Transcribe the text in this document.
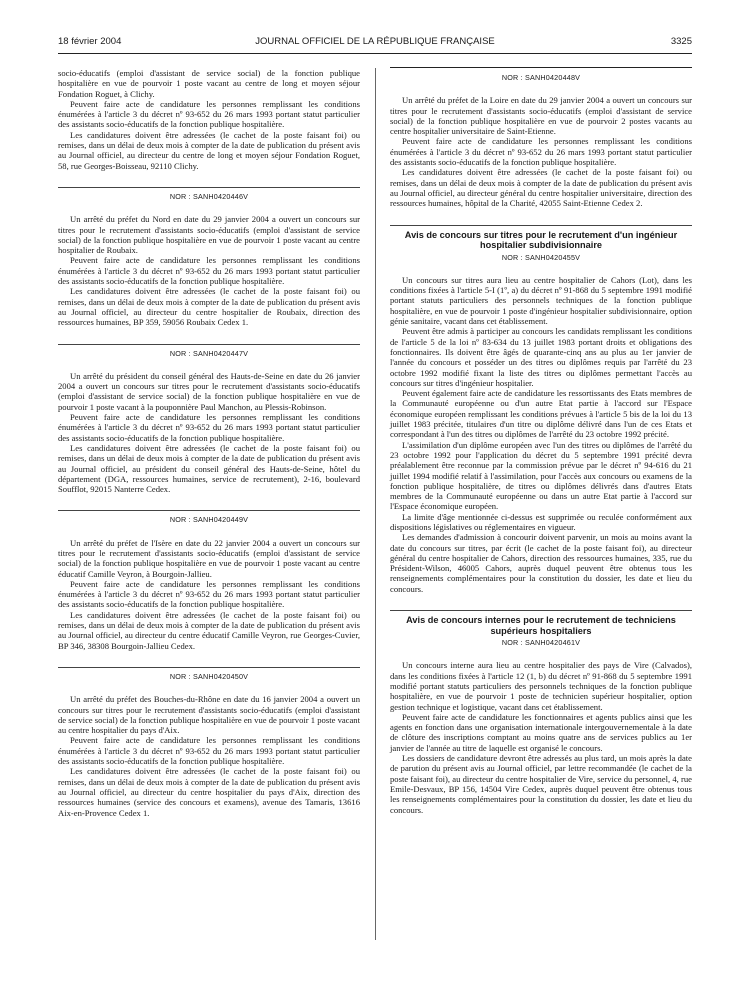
18 février 2004	JOURNAL OFFICIEL DE LA RÉPUBLIQUE FRANÇAISE	3325

socio-éducatifs (emploi d'assistant de service social) de la fonction publique hospitalière en vue de pourvoir 1 poste vacant au centre de long et moyen séjour Fondation Roguet, à Clichy.

Peuvent faire acte de candidature les personnes remplissant les conditions énumérées à l'article 3 du décret nº 93-652 du 26 mars 1993 portant statut particulier des assistants socio-éducatifs de la fonction publique hospitalière.

Les candidatures doivent être adressées (le cachet de la poste faisant foi) ou remises, dans un délai de deux mois à compter de la date de publication du présent avis au Journal officiel, au directeur du centre de long et moyen séjour Fondation Roguet, 58, rue Georges-Boisseau, 92110 Clichy.

NOR : SANH0420446V

Un arrêté du préfet du Nord en date du 29 janvier 2004 a ouvert un concours sur titres pour le recrutement d'assistants socio-éducatifs (emploi d'assistant de service social) de la fonction publique hospitalière en vue de pourvoir 1 poste vacant au centre hospitalier de Roubaix.

Peuvent faire acte de candidature les personnes remplissant les conditions énumérées à l'article 3 du décret nº 93-652 du 26 mars 1993 portant statut particulier des assistants socio-éducatifs de la fonction publique hospitalière.

Les candidatures doivent être adressées (le cachet de la poste faisant foi) ou remises, dans un délai de deux mois à compter de la date de publication du présent avis au Journal officiel, au directeur du centre hospitalier de Roubaix, direction des ressources humaines, BP 359, 59056 Roubaix Cedex 1.

NOR : SANH0420447V

Un arrêté du président du conseil général des Hauts-de-Seine en date du 26 janvier 2004 a ouvert un concours sur titres pour le recrutement d'assistants socio-éducatifs (emploi d'assistant de service social) de la fonction publique hospitalière en vue de pourvoir 1 poste vacant à la pouponnière Paul Manchon, au Plessis-Robinson.

Peuvent faire acte de candidature les personnes remplissant les conditions énumérées à l'article 3 du décret nº 93-652 du 26 mars 1993 portant statut particulier des assistants socio-éducatifs de la fonction publique hospitalière.

Les candidatures doivent être adressées (le cachet de la poste faisant foi) ou remises, dans un délai de deux mois à compter de la date de publication du présent avis au Journal officiel, au président du conseil général des Hauts-de-Seine, hôtel du département (DGA, ressources humaines, service de recrutement), 2-16, boulevard Soufflot, 92015 Nanterre Cedex.

NOR : SANH0420449V

Un arrêté du préfet de l'Isère en date du 22 janvier 2004 a ouvert un concours sur titres pour le recrutement d'assistants socio-éducatifs (emploi d'assistant de service social) de la fonction publique hospitalière en vue de pourvoir 1 poste vacant au centre éducatif Camille Veyron, à Bourgoin-Jallieu.

Peuvent faire acte de candidature les personnes remplissant les conditions énumérées à l'article 3 du décret nº 93-652 du 26 mars 1993 portant statut particulier des assistants socio-éducatifs de la fonction publique hospitalière.

Les candidatures doivent être adressées (le cachet de la poste faisant foi) ou remises, dans un délai de deux mois à compter de la date de publication du présent avis au Journal officiel, au directeur du centre éducatif Camille Veyron, rue Georges-Cuvier, BP 346, 38308 Bourgoin-Jallieu Cedex.

NOR : SANH0420450V

Un arrêté du préfet des Bouches-du-Rhône en date du 16 janvier 2004 a ouvert un concours sur titres pour le recrutement d'assistants socio-éducatifs (emploi d'assistant de service social) de la fonction publique hospitalière en vue de pourvoir 1 poste vacant au centre hospitalier du pays d'Aix.

Peuvent faire acte de candidature les personnes remplissant les conditions énumérées à l'article 3 du décret nº 93-652 du 26 mars 1993 portant statut particulier des assistants socio-éducatifs de la fonction publique hospitalière.

Les candidatures doivent être adressées (le cachet de la poste faisant foi) ou remises, dans un délai de deux mois à compter de la date de publication du présent avis au Journal officiel, au directeur du centre hospitalier du pays d'Aix, direction des ressources humaines (service des concours et examens), avenue des Tamaris, 13616 Aix-en-Provence Cedex 1.

NOR : SANH0420448V

Un arrêté du préfet de la Loire en date du 29 janvier 2004 a ouvert un concours sur titres pour le recrutement d'assistants socio-éducatifs (emploi d'assistant de service social) de la fonction publique hospitalière en vue de pourvoir 2 postes vacants au centre hospitalier universitaire de Saint-Etienne.

Peuvent faire acte de candidature les personnes remplissant les conditions énumérées à l'article 3 du décret nº 93-652 du 26 mars 1993 portant statut particulier des assistants socio-éducatifs de la fonction publique hospitalière.

Les candidatures doivent être adressées (le cachet de la poste faisant foi) ou remises, dans un délai de deux mois à compter de la date de publication du présent avis au Journal officiel, au directeur général du centre hospitalier universitaire, direction des ressources humaines, hôpital de la Charité, 42055 Saint-Etienne Cedex 2.

Avis de concours sur titres pour le recrutement d'un ingénieur hospitalier subdivisionnaire
NOR : SANH0420455V

Un concours sur titres aura lieu au centre hospitalier de Cahors (Lot), dans les conditions fixées à l'article 5-I (1º, a) du décret nº 91-868 du 5 septembre 1991 modifié portant statuts particuliers des personnels techniques de la fonction publique hospitalière, en vue de pourvoir 1 poste d'ingénieur hospitalier subdivisionnaire, option génie sanitaire, vacant dans cet établissement.

Peuvent être admis à participer au concours les candidats remplissant les conditions de l'article 5 de la loi nº 83-634 du 13 juillet 1983 portant droits et obligations des fonctionnaires. Ils doivent être âgés de quarante-cinq ans au plus au 1er janvier de l'année du concours et posséder un des titres ou diplômes requis par l'arrêté du 23 octobre 1992 modifié fixant la liste des titres ou diplômes permettant l'accès au concours sur titres d'ingénieur hospitalier.

Peuvent également faire acte de candidature les ressortissants des Etats membres de la Communauté européenne ou d'un autre Etat partie à l'accord sur l'Espace économique européen remplissant les conditions prévues à l'article 5 bis de la loi du 13 juillet 1983 précitée, titulaires d'un titre ou diplôme délivré dans l'un de ces Etats et correspondant à l'un des titres ou diplômes de l'arrêté du 23 octobre 1992 précité.

L'assimilation d'un diplôme européen avec l'un des titres ou diplômes de l'arrêté du 23 octobre 1992 pour l'application du décret du 5 septembre 1991 précité devra préalablement être reconnue par la commission prévue par le décret nº 94-616 du 21 juillet 1994 modifié relatif à l'assimilation, pour l'accès aux concours ou examens de la fonction publique hospitalière, de titres ou diplômes délivrés dans d'autres Etats membres de la Communauté européenne ou dans un autre Etat partie à l'accord sur l'Espace économique européen.

La limite d'âge mentionnée ci-dessus est supprimée ou reculée conformément aux dispositions législatives ou réglementaires en vigueur.

Les demandes d'admission à concourir doivent parvenir, un mois au moins avant la date du concours sur titres, par écrit (le cachet de la poste faisant foi), au directeur général du centre hospitalier de Cahors, direction des ressources humaines, 335, rue du Président-Wilson, 46005 Cahors, auprès duquel peuvent être obtenus tous les renseignements complémentaires pour la constitution du dossier, les date et lieu du concours.

Avis de concours internes pour le recrutement de techniciens supérieurs hospitaliers
NOR : SANH0420461V

Un concours interne aura lieu au centre hospitalier des pays de Vire (Calvados), dans les conditions fixées à l'article 12 (1, b) du décret nº 91-868 du 5 septembre 1991 modifié portant statuts particuliers des personnels techniques de la fonction publique hospitalière, en vue de pourvoir 1 poste de technicien supérieur hospitalier, option gestion technique et logistique, vacant dans cet établissement.

Peuvent faire acte de candidature les fonctionnaires et agents publics ainsi que les agents en fonction dans une organisation internationale intergouvernementale à la date de clôture des inscriptions comptant au moins quatre ans de services publics au 1er janvier de l'année au titre de laquelle est organisé le concours.

Les dossiers de candidature devront être adressés au plus tard, un mois après la date de parution du présent avis au Journal officiel, par lettre recommandée (le cachet de la poste faisant foi), au directeur du centre hospitalier de Vire, service du personnel, 4, rue Emile-Desvaux, BP 156, 14504 Vire Cedex, auprès duquel peuvent être obtenus tous les renseignements complémentaires pour la constitution du dossier, les date et lieu du concours.
